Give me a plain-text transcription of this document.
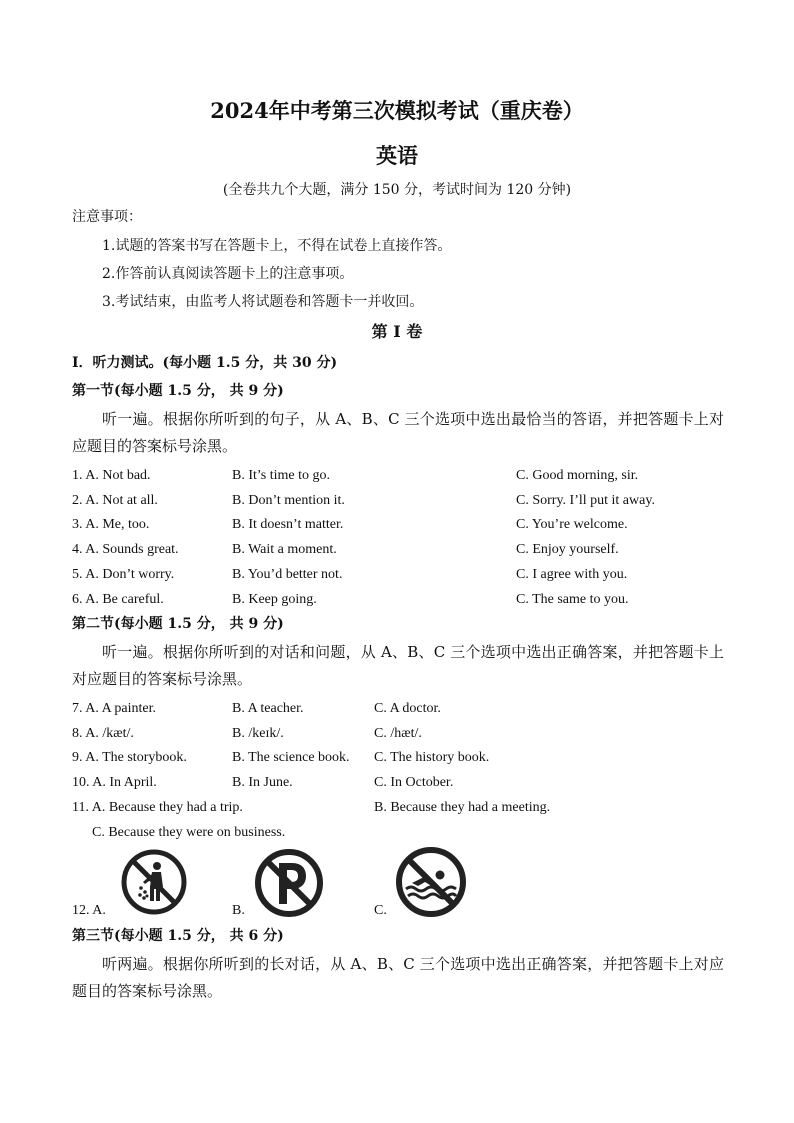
2024年中考第三次模拟考试（重庆卷）
英语
(全卷共九个大题，满分 150 分，考试时间为 120 分钟)
注意事项：
1.试题的答案书写在答题卡上，不得在试卷上直接作答。
2.作答前认真阅读答题卡上的注意事项。
3.考试结束，由监考人将试题卷和答题卡一并收回。
第 I 卷
Ⅰ．听力测试。(每小题 1.5 分，共 30 分)
第一节(每小题 1.5 分， 共 9 分)
听一遍。根据你所听到的句子，从 A、B、C 三个选项中选出最恰当的答语，并把答题卡上对应题目的答案标号涂黑。
1. A. Not bad.	B. It’s time to go.	C. Good morning, sir.
2. A. Not at all.	B. Don’t mention it.	C. Sorry. I’ll put it away.
3. A. Me, too.	B. It doesn’t matter.	C. You’re welcome.
4. A. Sounds great.	B. Wait a moment.	C. Enjoy yourself.
5. A. Don’t worry.	B. You’d better not.	C. I agree with you.
6. A. Be careful.	B. Keep going.	C. The same to you.
第二节(每小题 1.5 分， 共 9 分)
听一遍。根据你所听到的对话和问题，从 A、B、C 三个选项中选出正确答案，并把答题卡上对应题目的答案标号涂黑。
7. A. A painter.	B. A teacher.	C. A doctor.
8. A. /kæt/.	B. /keɪk/.	C. /hæt/.
9. A. The storybook.	B. The science book. C. The history book.
10. A. In April.	B. In June.	C. In October.
11. A. Because they had a trip.	B. Because they had a meeting.
C. Because they were on business.
12. A.	B.	C.
第三节(每小题 1.5 分， 共 6 分)
听两遍。根据你所听到的长对话，从 A、B、C 三个选项中选出正确答案，并把答题卡上对应题目的答案标号涂黑。
